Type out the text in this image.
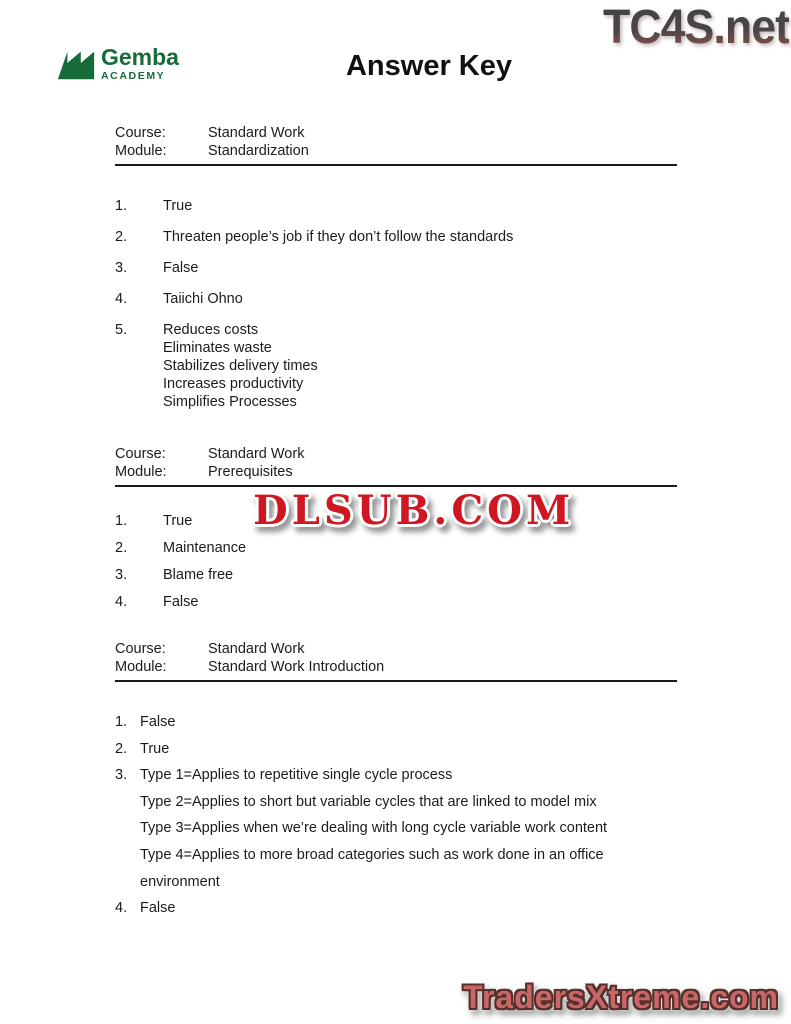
TC4S.net
Gemba
ACADEMY	Answer Key
Course:	Standard Work
Module:	Standardization
1.	True
2.	Threaten people’s job if they don’t follow the standards
3.	False
4.	Taiichi Ohno
5.	Reduces costs
Eliminates waste
Stabilizes delivery times
Increases productivity
Simplifies Processes
Course:	Standard Work
Module:	Prerequisites
1.	True
2.	Maintenance
3.	Blame free
4.	False
Course:	Standard Work
Module:	Standard Work Introduction
1. False
2. True
3. Type 1=Applies to repetitive single cycle process
Type 2=Applies to short but variable cycles that are linked to model mix
Type 3=Applies when we’re dealing with long cycle variable work content
Type 4=Applies to more broad categories such as work done in an office
environment
4. False
DLSUB.COM
TradersXtreme.com
